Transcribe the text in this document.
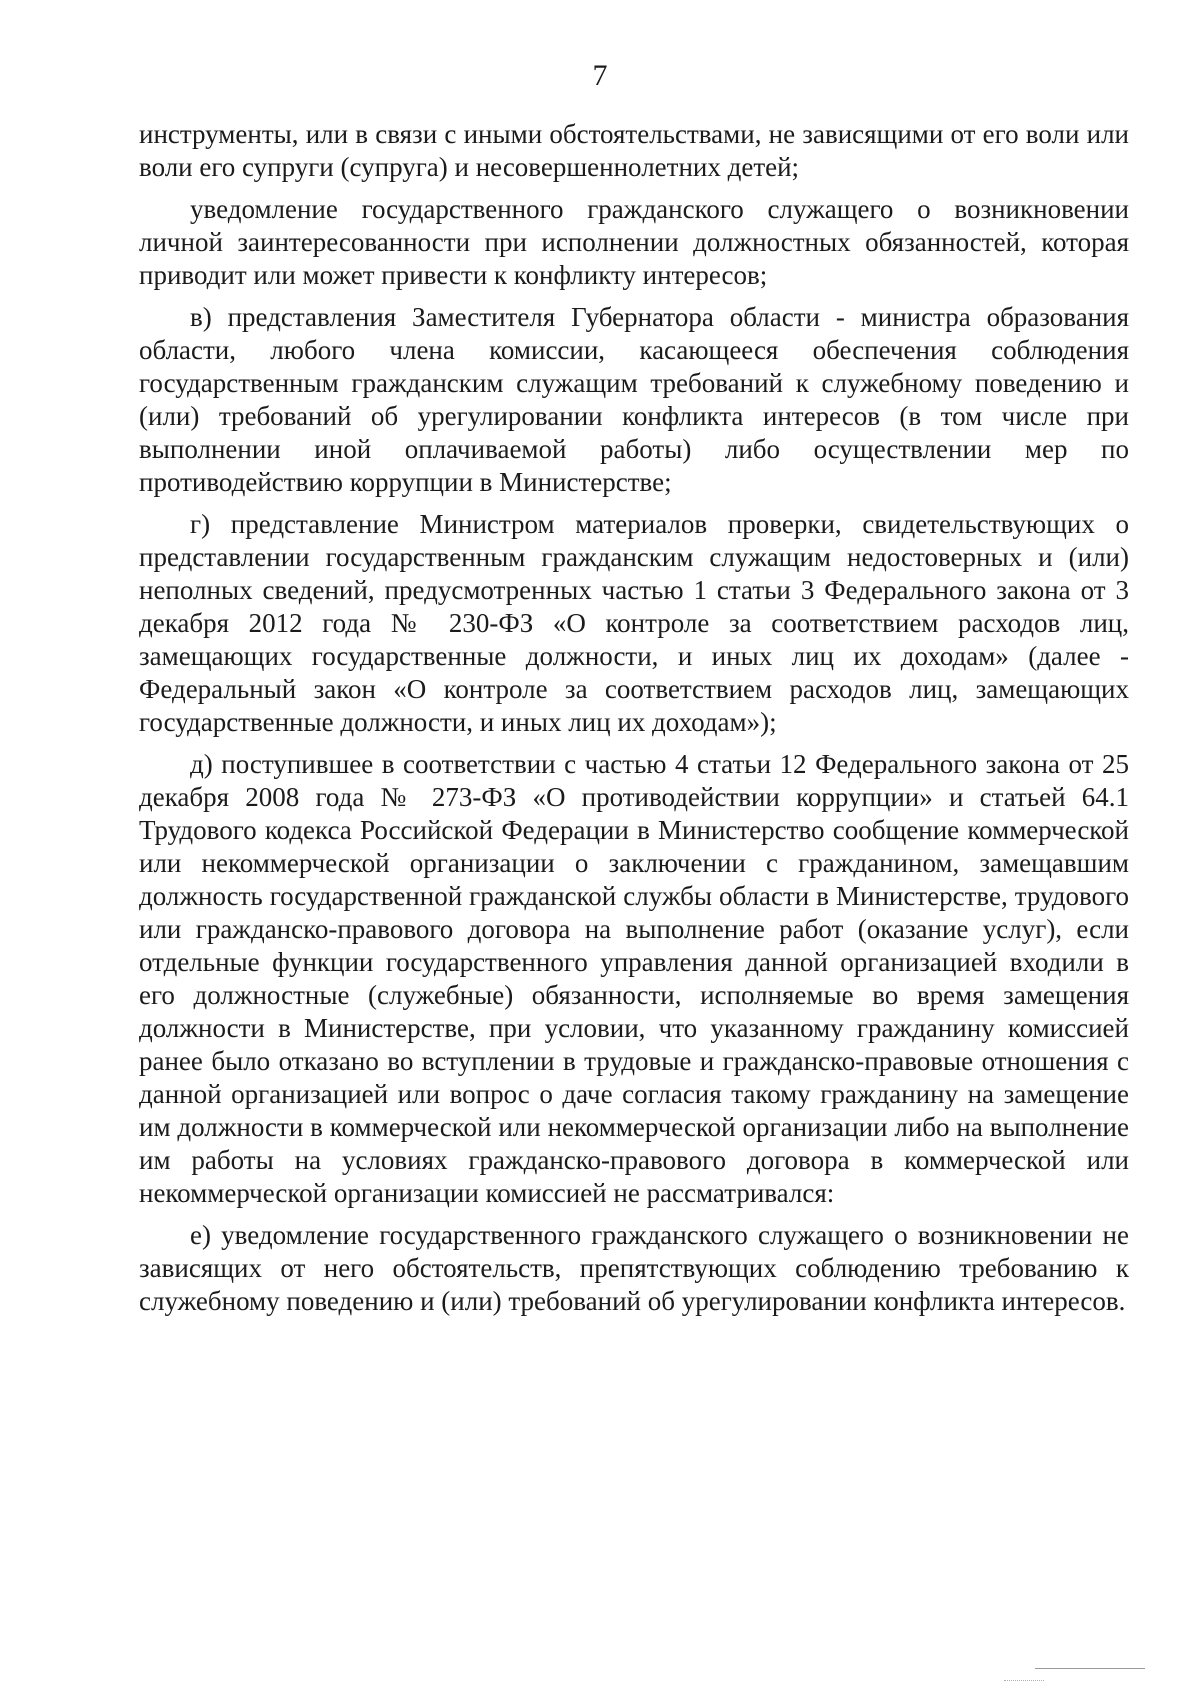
7

инструменты, или в связи с иными обстоятельствами, не зависящими от его воли или воли его супруги (супруга) и несовершеннолетних детей;

уведомление государственного гражданского служащего о возникновении личной заинтересованности при исполнении должностных обязанностей, которая приводит или может привести к конфликту интересов;

в) представления Заместителя Губернатора области - министра образования области, любого члена комиссии, касающееся обеспечения соблюдения государственным гражданским служащим требований к служебному поведению и (или) требований об урегулировании конфликта интересов (в том числе при выполнении иной оплачиваемой работы) либо осуществлении мер по противодействию коррупции в Министерстве;

г) представление Министром материалов проверки, свидетельствующих о представлении государственным гражданским служащим недостоверных и (или) неполных сведений, предусмотренных частью 1 статьи 3 Федерального закона от 3 декабря 2012 года № 230-ФЗ «О контроле за соответствием расходов лиц, замещающих государственные должности, и иных лиц их доходам» (далее - Федеральный закон «О контроле за соответствием расходов лиц, замещающих государственные должности, и иных лиц их доходам»);

д) поступившее в соответствии с частью 4 статьи 12 Федерального закона от 25 декабря 2008 года № 273-ФЗ «О противодействии коррупции» и статьей 64.1 Трудового кодекса Российской Федерации в Министерство сообщение коммерческой или некоммерческой организации о заключении с гражданином, замещавшим должность государственной гражданской службы области в Министерстве, трудового или гражданско-правового договора на выполнение работ (оказание услуг), если отдельные функции государственного управления данной организацией входили в его должностные (служебные) обязанности, исполняемые во время замещения должности в Министерстве, при условии, что указанному гражданину комиссией ранее было отказано во вступлении в трудовые и гражданско-правовые отношения с данной организацией или вопрос о даче согласия такому гражданину на замещение им должности в коммерческой или некоммерческой организации либо на выполнение им работы на условиях гражданско-правового договора в коммерческой или некоммерческой организации комиссией не рассматривался:

е) уведомление государственного гражданского служащего о возникновении не зависящих от него обстоятельств, препятствующих соблюдению требованию к служебному поведению и (или) требований об урегулировании конфликта интересов.
